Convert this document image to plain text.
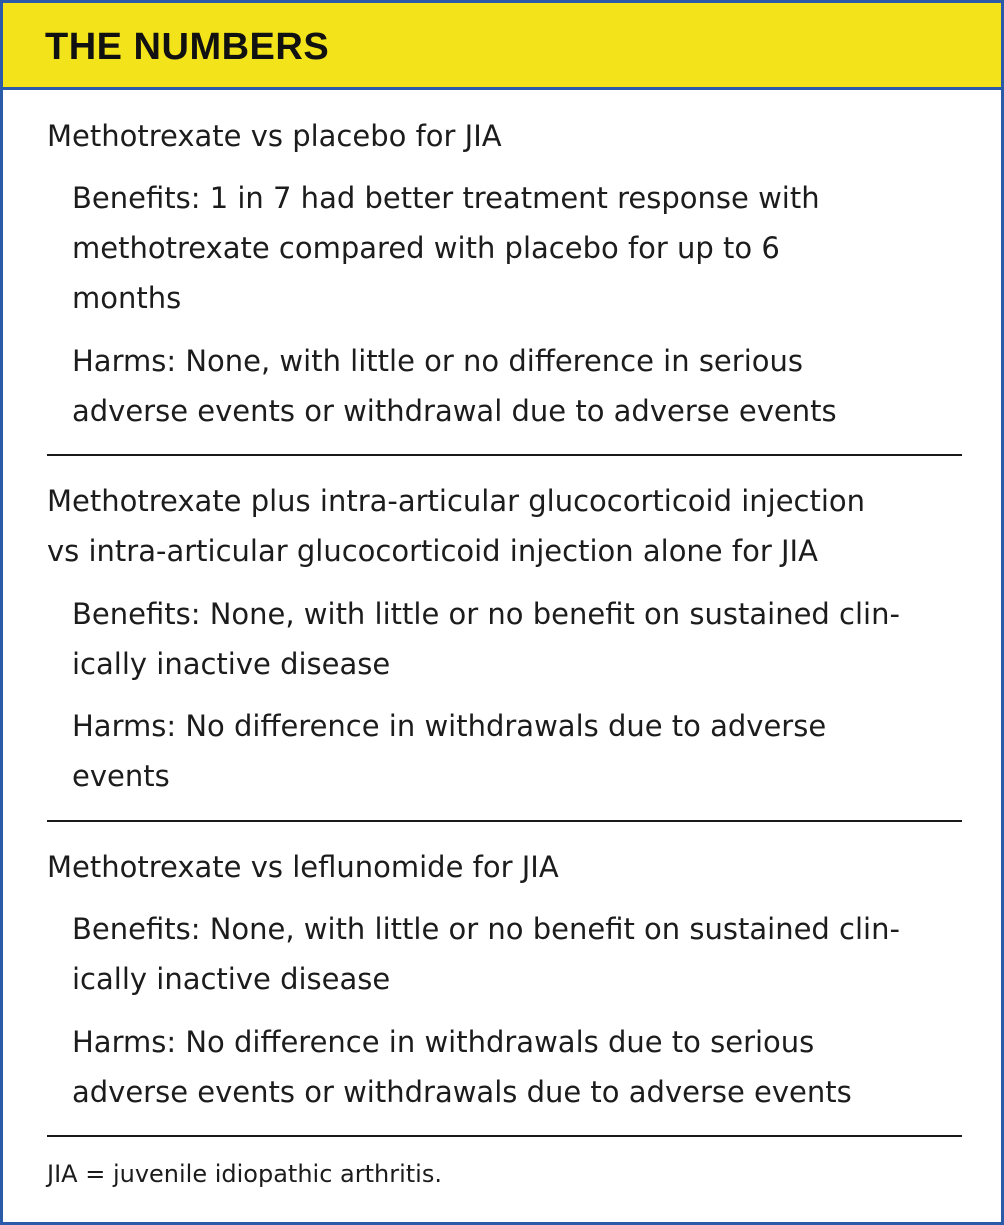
THE NUMBERS
Methotrexate vs placebo for JIA
Benefits: 1 in 7 had better treatment response with
methotrexate compared with placebo for up to 6
months
Harms: None, with little or no difference in serious
adverse events or withdrawal due to adverse events
Methotrexate plus intra-articular glucocorticoid injection
vs intra-articular glucocorticoid injection alone for JIA
Benefits: None, with little or no benefit on sustained clin-
ically inactive disease
Harms: No difference in withdrawals due to adverse
events
Methotrexate vs leflunomide for JIA
Benefits: None, with little or no benefit on sustained clin-
ically inactive disease
Harms: No difference in withdrawals due to serious
adverse events or withdrawals due to adverse events
JIA = juvenile idiopathic arthritis.
